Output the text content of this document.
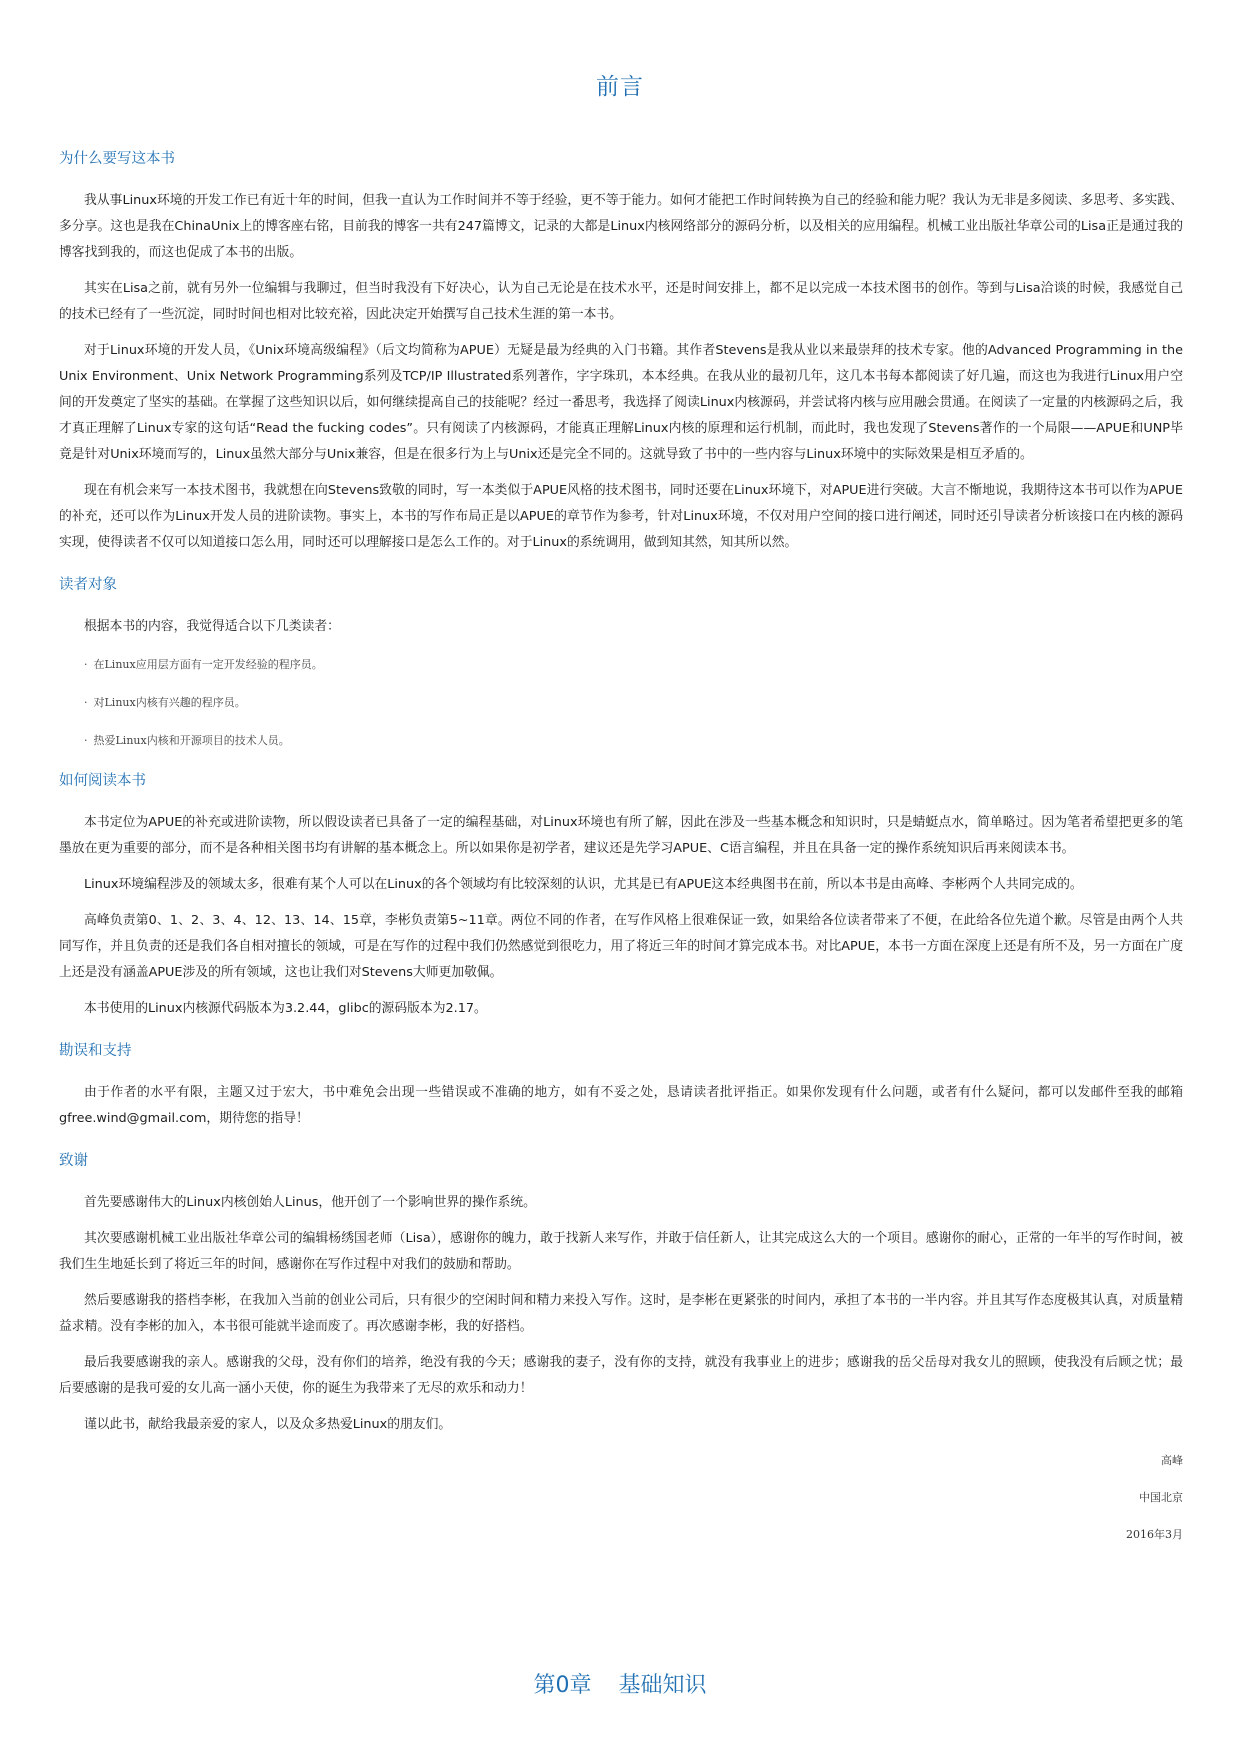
前言
为什么要写这本书

我从事Linux环境的开发工作已有近十年的时间，但我一直认为工作时间并不等于经验，更不等于能力。如何才能把工作时间转换为自己的经验和能力呢？我认为无非是多阅读、多思考、多实践、多分享。这也是我在ChinaUnix上的博客座右铭，目前我的博客一共有247篇博文，记录的大都是Linux内核网络部分的源码分析，以及相关的应用编程。机械工业出版社华章公司的Lisa正是通过我的博客找到我的，而这也促成了本书的出版。

其实在Lisa之前，就有另外一位编辑与我聊过，但当时我没有下好决心，认为自己无论是在技术水平，还是时间安排上，都不足以完成一本技术图书的创作。等到与Lisa洽谈的时候，我感觉自己的技术已经有了一些沉淀，同时时间也相对比较充裕，因此决定开始撰写自己技术生涯的第一本书。

对于Linux环境的开发人员，《Unix环境高级编程》（后文均简称为APUE）无疑是最为经典的入门书籍。其作者Stevens是我从业以来最崇拜的技术专家。他的Advanced Programming in the Unix Environment、Unix Network Programming系列及TCP/IP Illustrated系列著作，字字珠玑，本本经典。在我从业的最初几年，这几本书每本都阅读了好几遍，而这也为我进行Linux用户空间的开发奠定了坚实的基础。在掌握了这些知识以后，如何继续提高自己的技能呢？经过一番思考，我选择了阅读Linux内核源码，并尝试将内核与应用融会贯通。在阅读了一定量的内核源码之后，我才真正理解了Linux专家的这句话“Read the fucking codes”。只有阅读了内核源码，才能真正理解Linux内核的原理和运行机制，而此时，我也发现了Stevens著作的一个局限——APUE和UNP毕竟是针对Unix环境而写的，Linux虽然大部分与Unix兼容，但是在很多行为上与Unix还是完全不同的。这就导致了书中的一些内容与Linux环境中的实际效果是相互矛盾的。

现在有机会来写一本技术图书，我就想在向Stevens致敬的同时，写一本类似于APUE风格的技术图书，同时还要在Linux环境下，对APUE进行突破。大言不惭地说，我期待这本书可以作为APUE的补充，还可以作为Linux开发人员的进阶读物。事实上，本书的写作布局正是以APUE的章节作为参考，针对Linux环境，不仅对用户空间的接口进行阐述，同时还引导读者分析该接口在内核的源码实现，使得读者不仅可以知道接口怎么用，同时还可以理解接口是怎么工作的。对于Linux的系统调用，做到知其然，知其所以然。

读者对象

根据本书的内容，我觉得适合以下几类读者：

· 在Linux应用层方面有一定开发经验的程序员。
· 对Linux内核有兴趣的程序员。
· 热爱Linux内核和开源项目的技术人员。
如何阅读本书

本书定位为APUE的补充或进阶读物，所以假设读者已具备了一定的编程基础，对Linux环境也有所了解，因此在涉及一些基本概念和知识时，只是蜻蜓点水，简单略过。因为笔者希望把更多的笔墨放在更为重要的部分，而不是各种相关图书均有讲解的基本概念上。所以如果你是初学者，建议还是先学习APUE、C语言编程，并且在具备一定的操作系统知识后再来阅读本书。

Linux环境编程涉及的领域太多，很难有某个人可以在Linux的各个领域均有比较深刻的认识，尤其是已有APUE这本经典图书在前，所以本书是由高峰、李彬两个人共同完成的。

高峰负责第0、1、2、3、4、12、13、14、15章，李彬负责第5~11章。两位不同的作者，在写作风格上很难保证一致，如果给各位读者带来了不便，在此给各位先道个歉。尽管是由两个人共同写作，并且负责的还是我们各自相对擅长的领域，可是在写作的过程中我们仍然感觉到很吃力，用了将近三年的时间才算完成本书。对比APUE，本书一方面在深度上还是有所不及，另一方面在广度上还是没有涵盖APUE涉及的所有领域，这也让我们对Stevens大师更加敬佩。

本书使用的Linux内核源代码版本为3.2.44，glibc的源码版本为2.17。

勘误和支持

由于作者的水平有限，主题又过于宏大，书中难免会出现一些错误或不准确的地方，如有不妥之处，恳请读者批评指正。如果你发现有什么问题，或者有什么疑问，都可以发邮件至我的邮箱gfree.wind@gmail.com，期待您的指导！

致谢

首先要感谢伟大的Linux内核创始人Linus，他开创了一个影响世界的操作系统。

其次要感谢机械工业出版社华章公司的编辑杨绣国老师（Lisa），感谢你的魄力，敢于找新人来写作，并敢于信任新人，让其完成这么大的一个项目。感谢你的耐心，正常的一年半的写作时间，被我们生生地延长到了将近三年的时间，感谢你在写作过程中对我们的鼓励和帮助。

然后要感谢我的搭档李彬，在我加入当前的创业公司后，只有很少的空闲时间和精力来投入写作。这时，是李彬在更紧张的时间内，承担了本书的一半内容。并且其写作态度极其认真，对质量精益求精。没有李彬的加入，本书很可能就半途而废了。再次感谢李彬，我的好搭档。

最后我要感谢我的亲人。感谢我的父母，没有你们的培养，绝没有我的今天；感谢我的妻子，没有你的支持，就没有我事业上的进步；感谢我的岳父岳母对我女儿的照顾，使我没有后顾之忧；最后要感谢的是我可爱的女儿高一涵小天使，你的诞生为我带来了无尽的欢乐和动力！

谨以此书，献给我最亲爱的家人，以及众多热爱Linux的朋友们。

高峰
中国北京
2016年3月
第0章 基础知识
